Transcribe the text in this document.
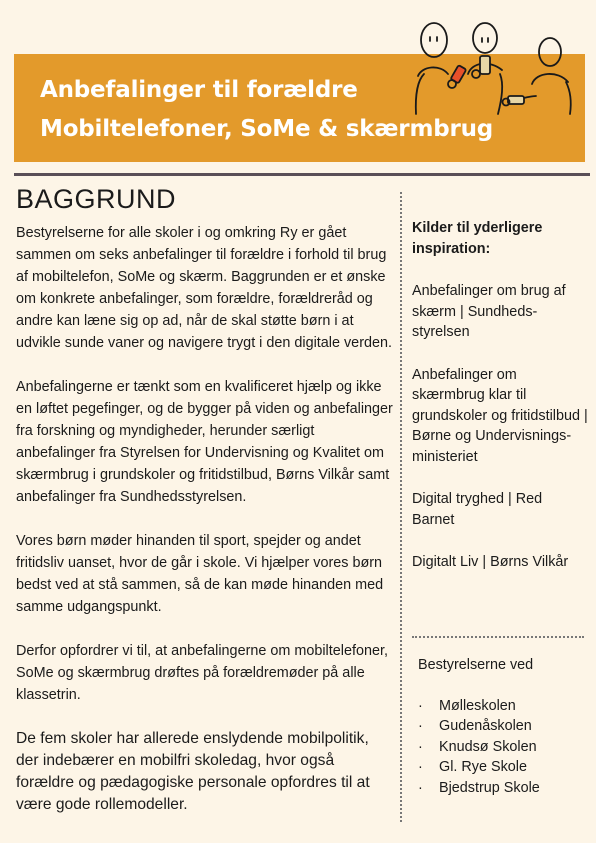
Anbefalinger til forældre
Mobiltelefoner, SoMe & skærmbrug
BAGGRUND

Bestyrelserne for alle skoler i og omkring Ry er gået sammen om seks anbefalinger til forældre i forhold til brug af mobiltelefon, SoMe og skærm. Baggrunden er et ønske om konkrete anbefalinger, som forældre, forældreråd og andre kan læne sig op ad, når de skal støtte børn i at udvikle sunde vaner og navigere trygt i den digitale verden.

Anbefalingerne er tænkt som en kvalificeret hjælp og ikke en løftet pegefinger, og de bygger på viden og anbefalinger fra forskning og myndigheder, herunder særligt anbefalinger fra Styrelsen for Undervisning og Kvalitet om skærmbrug i grundskoler og fritidstilbud, Børns Vilkår samt anbefalinger fra Sundhedsstyrelsen.

Vores børn møder hinanden til sport, spejder og andet fritidsliv uanset, hvor de går i skole. Vi hjælper vores børn bedst ved at stå sammen, så de kan møde hinanden med samme udgangspunkt.

Derfor opfordrer vi til, at anbefalingerne om mobiltelefoner, SoMe og skærmbrug drøftes på forældremøder på alle klassetrin.

De fem skoler har allerede enslydende mobilpolitik, der indebærer en mobilfri skoledag, hvor også forældre og pædagogiske personale opfordres til at være gode rollemodeller.

Kilder til yderligere inspiration:

Anbefalinger om brug af skærm | Sundheds-styrelsen

Anbefalinger om skærmbrug klar til grundskoler og fritidstilbud | Børne og Undervisnings-ministeriet

Digital tryghed | Red Barnet

Digitalt Liv | Børns Vilkår

Bestyrelserne ved

· Mølleskolen
· Gudenåskolen
· Knudsø Skolen
· Gl. Rye Skole
· Bjedstrup Skole
